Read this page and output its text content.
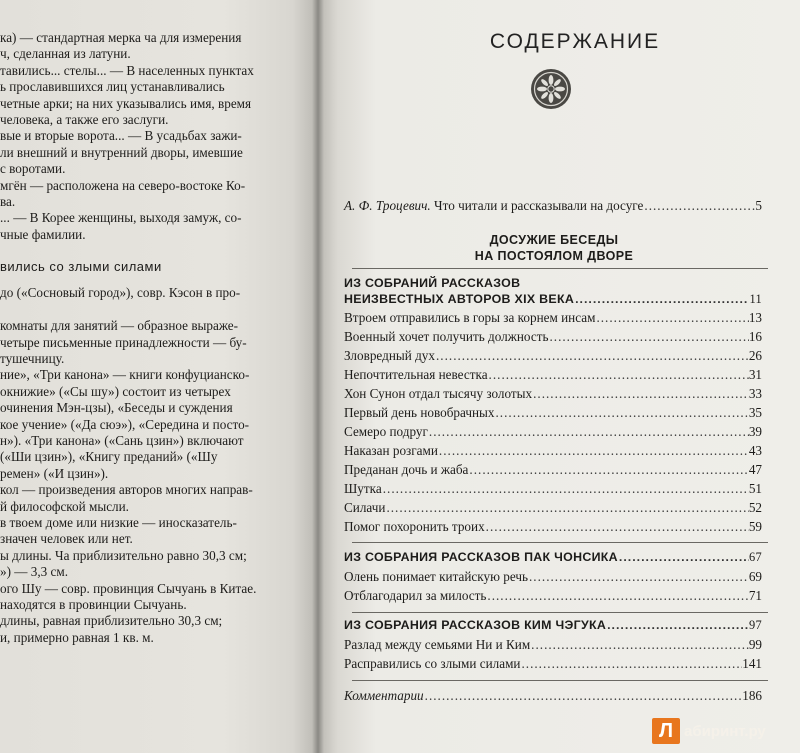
ка) — стандартная мерка ча для измерения
ч, сделанная из латуни.
тавились... стелы... — В населенных пунктах
ь прославившихся лиц устанавливались
четные арки; на них указывались имя, время
человека, а также его заслуги.
вые и вторые ворота... — В усадьбах зажи-
ли внешний и внутренний дворы, имевшие
с воротами.
мгён — расположена на северо-востоке Ко-
ва.
... — В Корее женщины, выходя замуж, со-
чные фамилии.
вились со злыми силами
до («Сосновый город»), совр. Кэсон в про-
комнаты для занятий — образное выраже-
четыре письменные принадлежности — бу-
тушечницу.
ние», «Три канона» — книги конфуцианско-
окнижие» («Сы шу») состоит из четырех
очинения Мэн-цзы), «Беседы и суждения
кое учение» («Да сюэ»), «Середина и посто-
н»). «Три канона» («Сань цзин») включают
(«Ши цзин»), «Книгу преданий» («Шу
ремен» («И цзин»).
кол — произведения авторов многих направ-
й философской мысли.
в твоем доме или низкие — иносказатель-
значен человек или нет.
ы длины. Ча приблизительно равно 30,3 см;
») — 3,3 см.
ого Шу — совр. провинция Сычуань в Китае.
находятся в провинции Сычуань.
длины, равная приблизительно 30,3 см;
и, примерно равная 1 кв. м.
СОДЕРЖАНИЕ
А. Ф. Троцевич. Что читали и рассказывали на досуге .....	5
ДОСУЖИЕ БЕСЕДЫ
НА ПОСТОЯЛОМ ДВОРЕ
ИЗ СОБРАНИЙ РАССКАЗОВ
НЕИЗВЕСТНЫХ АВТОРОВ XIX ВЕКА .....	11
Втроем отправились в горы за корнем инсам .....	13
Военный хочет получить должность .....	16
Зловредный дух .....	26
Непочтительная невестка .....	31
Хон Сунон отдал тысячу золотых .....	33
Первый день новобрачных .....	35
Семеро подруг .....	39
Наказан розгами .....	43
Преданан дочь и жаба .....	47
Шутка .....	51
Силачи .....	52
Помог похоронить троих .....	59
ИЗ СОБРАНИЯ РАССКАЗОВ ПАК ЧОНСИКА .....	67
Олень понимает китайскую речь .....	69
Отблагодарил за милость .....	71
ИЗ СОБРАНИЯ РАССКАЗОВ КИМ ЧЭГУКА .....	97
Разлад между семьями Ни и Ким .....	99
Расправились со злыми силами .....	141
Комментарии .....	186
Л абиринт.ру
